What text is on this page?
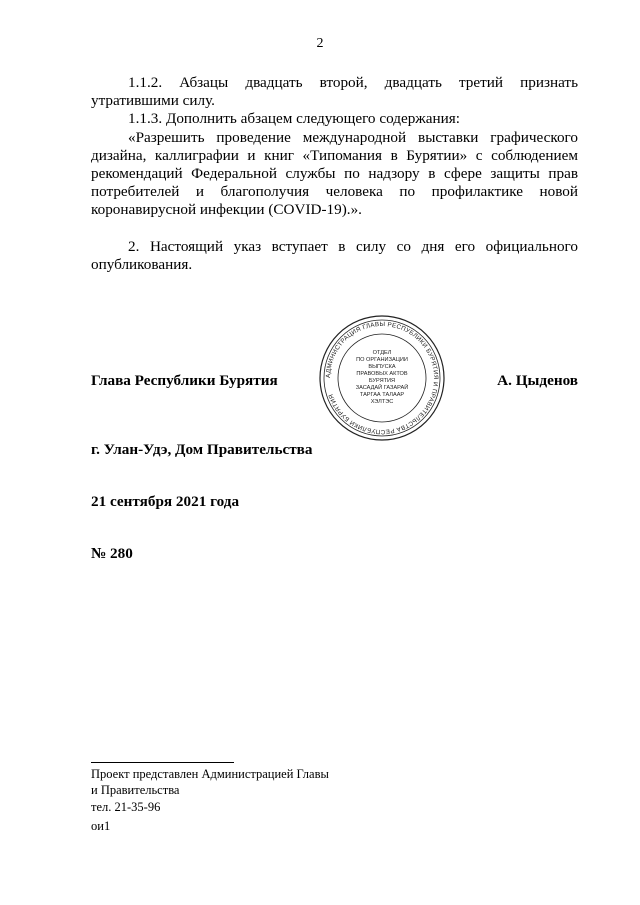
2

1.1.2. Абзацы двадцать второй, двадцать третий признать утратившими силу.

1.1.3. Дополнить абзацем следующего содержания:

«Разрешить проведение международной выставки графического дизайна, каллиграфии и книг «Типомания в Бурятии» с соблюдением рекомендаций Федеральной службы по надзору в сфере защиты прав потребителей и благополучия человека по профилактике новой коронавирусной инфекции (COVID-19).».

2. Настоящий указ вступает в силу со дня его официального опубликования.

Глава Республики Бурятия	А. Цыденов
АДМИНИСТРАЦИЯ ГЛАВЫ РЕСПУБЛИКИ БУРЯТИЯ И ПРАВИТЕЛЬСТВА РЕСПУБЛИКИ БУРЯТИЯ
ОТДЕЛ
ПО ОРГАНИЗАЦИИ
ВЫПУСКА
ПРАВОВЫХ АКТОВ
БУРЯТИЯ
ЗАСАДАЙ ГАЗАРАЙ
ТАРГАА ТАЛААР
ХЭЛТЭС
г. Улан-Удэ, Дом Правительства
21 сентября 2021 года
№ 280
Проект представлен Администрацией Главы
и Правительства
тел. 21-35-96
ои1
